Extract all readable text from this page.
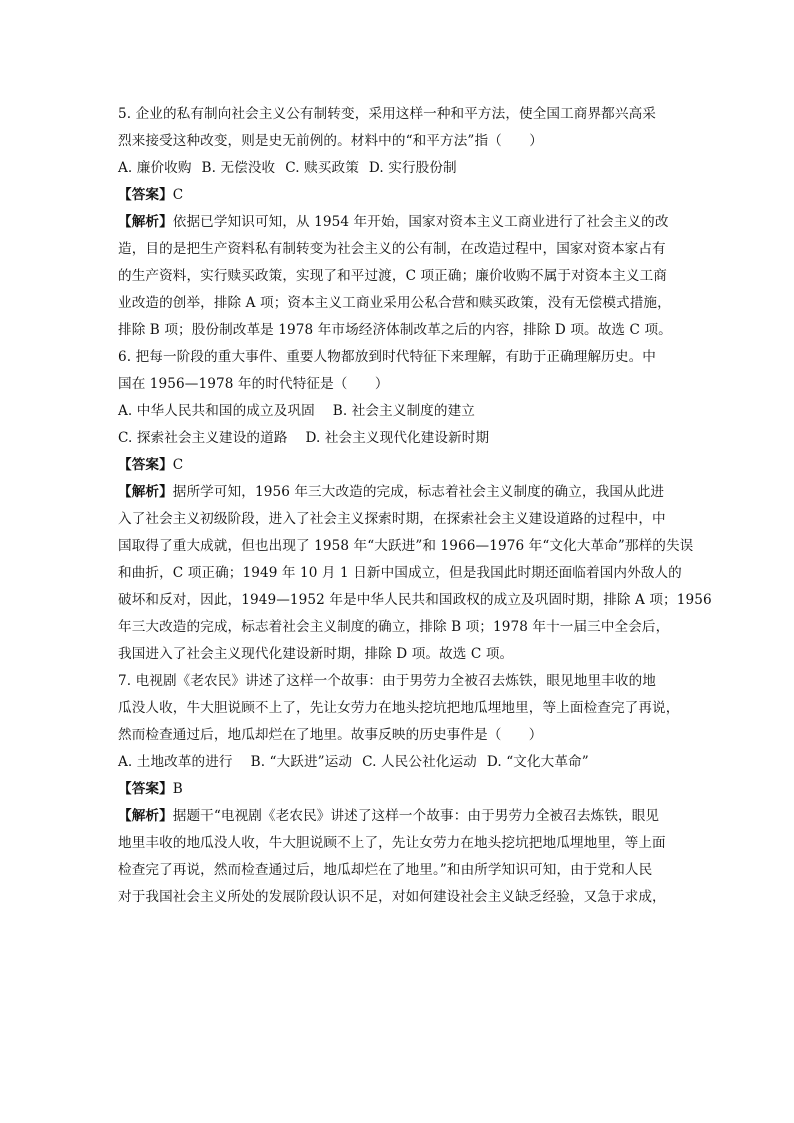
5. 企业的私有制向社会主义公有制转变，采用这样一种和平方法，使全国工商界都兴高采
烈来接受这种改变，则是史无前例的。材料中的“和平方法”指（　　）
A. 廉价收购 B. 无偿没收 C. 赎买政策 D. 实行股份制
【答案】C
【解析】依据已学知识可知，从 1954 年开始，国家对资本主义工商业进行了社会主义的改
造，目的是把生产资料私有制转变为社会主义的公有制，在改造过程中，国家对资本家占有
的生产资料，实行赎买政策，实现了和平过渡，C 项正确；廉价收购不属于对资本主义工商
业改造的创举，排除 A 项；资本主义工商业采用公私合营和赎买政策，没有无偿模式措施，
排除 B 项；股份制改革是 1978 年市场经济体制改革之后的内容，排除 D 项。故选 C 项。
6. 把每一阶段的重大事件、重要人物都放到时代特征下来理解，有助于正确理解历史。中
国在 1956—1978 年的时代特征是（　　）
A. 中华人民共和国的成立及巩固 B. 社会主义制度的建立
C. 探索社会主义建设的道路 D. 社会主义现代化建设新时期
【答案】C
【解析】据所学可知，1956 年三大改造的完成，标志着社会主义制度的确立，我国从此进
入了社会主义初级阶段，进入了社会主义探索时期，在探索社会主义建设道路的过程中，中
国取得了重大成就，但也出现了 1958 年“大跃进”和 1966—1976 年“文化大革命”那样的失误
和曲折，C 项正确；1949 年 10 月 1 日新中国成立，但是我国此时期还面临着国内外敌人的
破坏和反对，因此，1949—1952 年是中华人民共和国政权的成立及巩固时期，排除 A 项；1956
年三大改造的完成，标志着社会主义制度的确立，排除 B 项；1978 年十一届三中全会后，
我国进入了社会主义现代化建设新时期，排除 D 项。故选 C 项。
7. 电视剧《老农民》讲述了这样一个故事：由于男劳力全被召去炼铁，眼见地里丰收的地
瓜没人收，牛大胆说顾不上了，先让女劳力在地头挖坑把地瓜埋地里，等上面检查完了再说，
然而检查通过后，地瓜却烂在了地里。故事反映的历史事件是（　　）
A. 土地改革的进行 B. “大跃进”运动 C. 人民公社化运动 D. “文化大革命”
【答案】B
【解析】据题干“电视剧《老农民》讲述了这样一个故事：由于男劳力全被召去炼铁，眼见
地里丰收的地瓜没人收，牛大胆说顾不上了，先让女劳力在地头挖坑把地瓜埋地里，等上面
检查完了再说，然而检查通过后，地瓜却烂在了地里。”和由所学知识可知，由于党和人民
对于我国社会主义所处的发展阶段认识不足，对如何建设社会主义缺乏经验，又急于求成，
